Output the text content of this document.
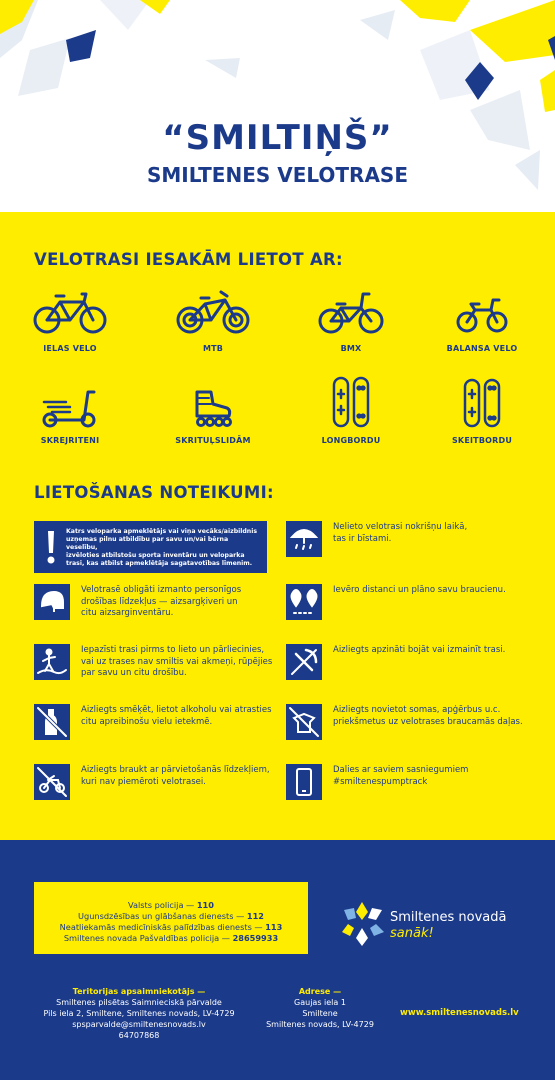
“SMILTIŅŠ”
SMILTENES VELOTRASE
VELOTRASI IESAKĀM LIETOT AR:
IELAS VELO	MTB	BMX	BALANSA VELO
SKREJRITENI	SKRITUĻSLIDĀM	LONGBORDU	SKEITBORDU
LIETOŠANAS NOTEIKUMI:
Katrs veloparka apmeklētājs vai viņa vecāks/aizbildnis
uzņemas pilnu atbildību par savu un/vai bērna veselību,
izvēloties atbilstošu sporta inventāru un veloparka
trasi, kas atbilst apmeklētāja sagatavotības līmenim.
Velotrasē obligāti izmanto personīgos
drošības līdzekļus — aizsargķiveri un
citu aizsarginventāru.
Iepazīsti trasi pirms to lieto un pārliecinies,
vai uz trases nav smiltis vai akmeņi, rūpējies
par savu un citu drošību.
Aizliegts smēķēt, lietot alkoholu vai atrasties
citu apreibinošu vielu ietekmē.
Aizliegts braukt ar pārvietošanās līdzekļiem,
kuri nav piemēroti velotrasei.
Nelieto velotrasi nokrišņu laikā,
tas ir bīstami.
Ievēro distanci un plāno savu braucienu.
Aizliegts apzināti bojāt vai izmainīt trasi.
Aizliegts novietot somas, apģērbus u.c.
priekšmetus uz velotrases braucamās daļas.
Dalies ar saviem sasniegumiem
#smiltenespumptrack
Valsts policija — 110
Ugunsdzēsības un glābšanas dienests — 112
Neatliekamās medicīniskās palīdzības dienests — 113
Smiltenes novada Pašvaldības policija — 28659933
Smiltenes novadā
sanāk!
Teritorijas apsaimniekotājs —
Smiltenes pilsētas Saimnieciskā pārvalde
Pils iela 2, Smiltene, Smiltenes novads, LV-4729
spsparvalde@smiltenesnovads.lv
64707868
Adrese —
Gaujas iela 1
Smiltene
Smiltenes novads, LV-4729
www.smiltenesnovads.lv
